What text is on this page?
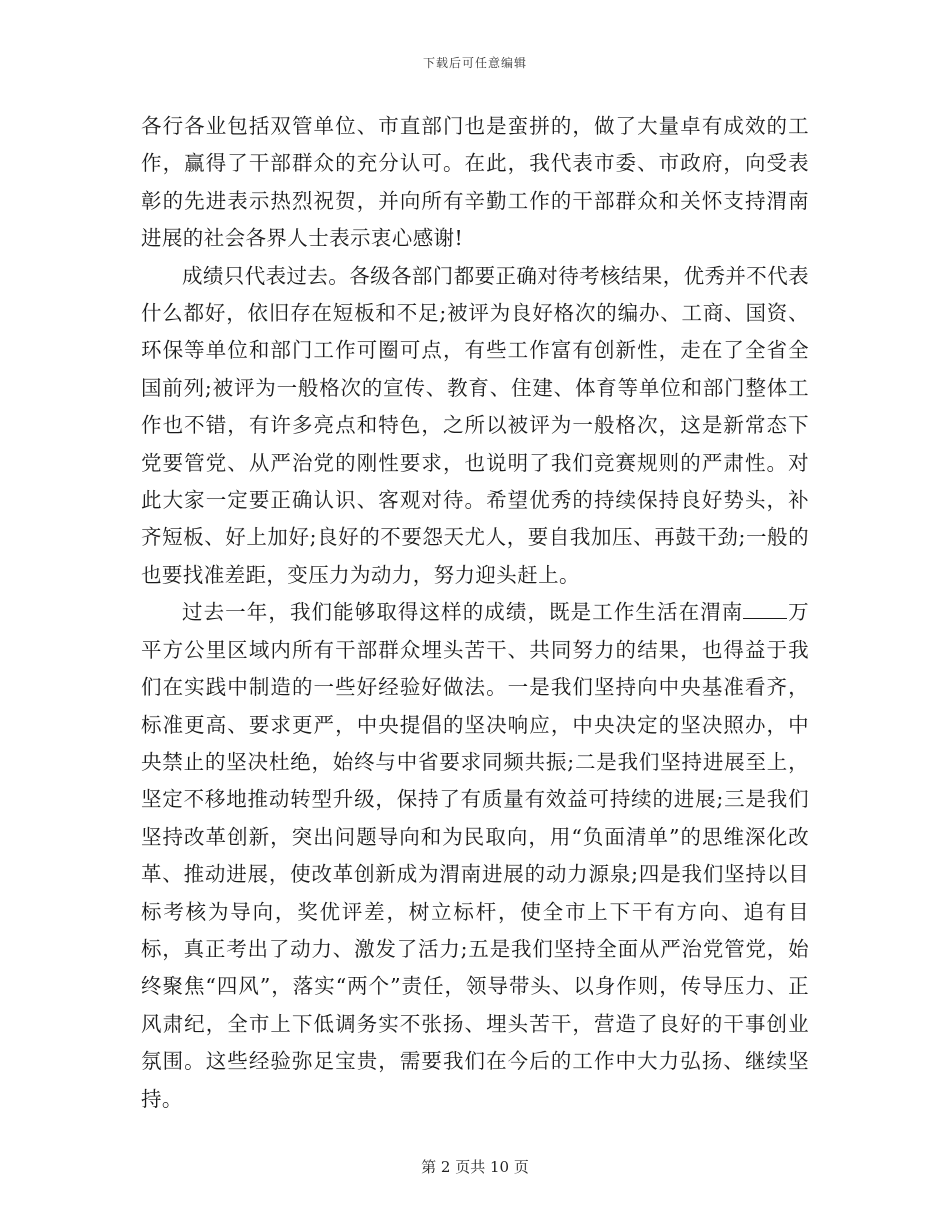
下载后可任意编辑

各行各业包括双管单位、市直部门也是蛮拼的，做了大量卓有成效的工作，赢得了干部群众的充分认可。在此，我代表市委、市政府，向受表彰的先进表示热烈祝贺，并向所有辛勤工作的干部群众和关怀支持渭南进展的社会各界人士表示衷心感谢!

成绩只代表过去。各级各部门都要正确对待考核结果，优秀并不代表什么都好，依旧存在短板和不足;被评为良好格次的编办、工商、国资、环保等单位和部门工作可圈可点，有些工作富有创新性，走在了全省全国前列;被评为一般格次的宣传、教育、住建、体育等单位和部门整体工作也不错，有许多亮点和特色，之所以被评为一般格次，这是新常态下党要管党、从严治党的刚性要求，也说明了我们竞赛规则的严肃性。对此大家一定要正确认识、客观对待。希望优秀的持续保持良好势头，补齐短板、好上加好;良好的不要怨天尤人，要自我加压、再鼓干劲;一般的也要找准差距，变压力为动力，努力迎头赶上。

过去一年，我们能够取得这样的成绩，既是工作生活在渭南 万平方公里区域内所有干部群众埋头苦干、共同努力的结果，也得益于我们在实践中制造的一些好经验好做法。一是我们坚持向中央基准看齐，标准更高、要求更严，中央提倡的坚决响应，中央决定的坚决照办，中央禁止的坚决杜绝，始终与中省要求同频共振;二是我们坚持进展至上，坚定不移地推动转型升级，保持了有质量有效益可持续的进展;三是我们坚持改革创新，突出问题导向和为民取向，用“负面清单”的思维深化改革、推动进展，使改革创新成为渭南进展的动力源泉;四是我们坚持以目标考核为导向，奖优评差，树立标杆，使全市上下干有方向、追有目标，真正考出了动力、激发了活力;五是我们坚持全面从严治党管党，始终聚焦“四风”，落实“两个”责任，领导带头、以身作则，传导压力、正风肃纪，全市上下低调务实不张扬、埋头苦干，营造了良好的干事创业氛围。这些经验弥足宝贵，需要我们在今后的工作中大力弘扬、继续坚持。

第 2 页共 10 页
